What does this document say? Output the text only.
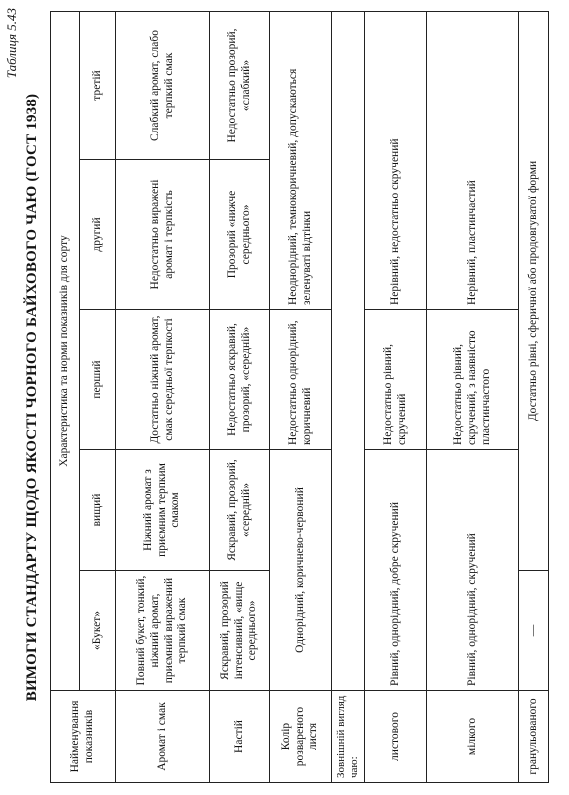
Таблиця 5.43
ВИМОГИ СТАНДАРТУ ЩОДО ЯКОСТІ ЧОРНОГО БАЙХОВОГО ЧАЮ (ГОСТ 1938)
Найменування показників	Характеристика та норми показників для сорту				
	«Букет»	вищий	перший	другий	третій
Аромат і смак	Повний букет, тонкий, ніжний аромат, приємний виражений терпкий смак	Ніжний аромат з приємним терпким смаком	Достатньо ніжний аромат, смак середньої терпкості	Недостатньо виражені аромат і терпкість	Слабкий аромат, слабо терпкий смак
Настій	Яскравий, прозорий інтенсивний, «вище середнього»	Яскравий, прозорий, «середній»	Недостатньо яскравий, прозорий, «середній»	Прозорий «нижче середнього»	Недостатньо прозорий, «слабкий»
Колір розвареного листя	Однорідний, коричнево-червоний		Недостатньо однорідний, коричневий	Неоднорідний, темнокоричневий, допускаються зеленуваті відтінки	
Зовнішній вигляд чаю:					
листового	Рівний, однорідний, добре скручений		Недостатньо рівний, скручений	Нерівний, недостатньо скручений	
мілкого	Рівний, однорідний, скручений		Недостатньо рівний, скручений, з наявністю пластинчастого	Нерівний, пластинчастий	
гранульованого	—	Достатньо рівні, сферичної або продовгуватої форми			
